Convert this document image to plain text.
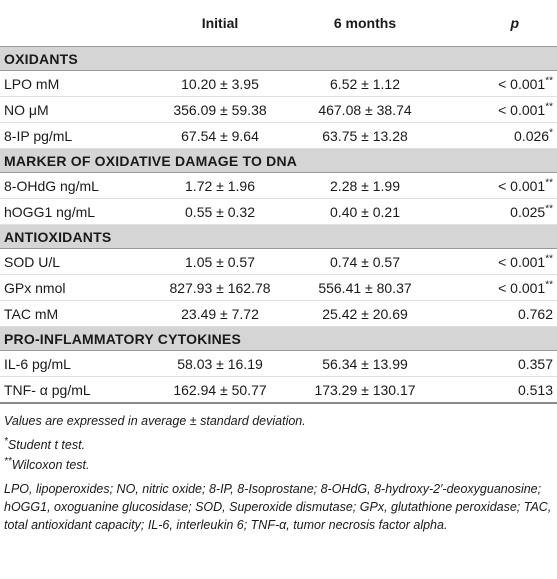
	Initial	6 months	p
OXIDANTS			
LPO mM	10.20 ± 3.95	6.52 ± 1.12	< 0.001**
NO μM	356.09 ± 59.38	467.08 ± 38.74	< 0.001**
8-IP pg/mL	67.54 ± 9.64	63.75 ± 13.28	0.026*
MARKER OF OXIDATIVE DAMAGE TO DNA			
8-OHdG ng/mL	1.72 ± 1.96	2.28 ± 1.99	< 0.001**
hOGG1 ng/mL	0.55 ± 0.32	0.40 ± 0.21	0.025**
ANTIOXIDANTS			
SOD U/L	1.05 ± 0.57	0.74 ± 0.57	< 0.001**
GPx nmol	827.93 ± 162.78	556.41 ± 80.37	< 0.001**
TAC mM	23.49 ± 7.72	25.42 ± 20.69	0.762
PRO-INFLAMMATORY CYTOKINES			
IL-6 pg/mL	58.03 ± 16.19	56.34 ± 13.99	0.357
TNF- α pg/mL	162.94 ± 50.77	173.29 ± 130.17	0.513

Values are expressed in average ± standard deviation.

*Student t test.

**Wilcoxon test.

LPO, lipoperoxides; NO, nitric oxide; 8-IP, 8-Isoprostane; 8-OHdG, 8-hydroxy-2′-deoxyguanosine; hOGG1, oxoguanine glucosidase; SOD, Superoxide dismutase; GPx, glutathione peroxidase; TAC, total antioxidant capacity; IL-6, interleukin 6; TNF-α, tumor necrosis factor alpha.
